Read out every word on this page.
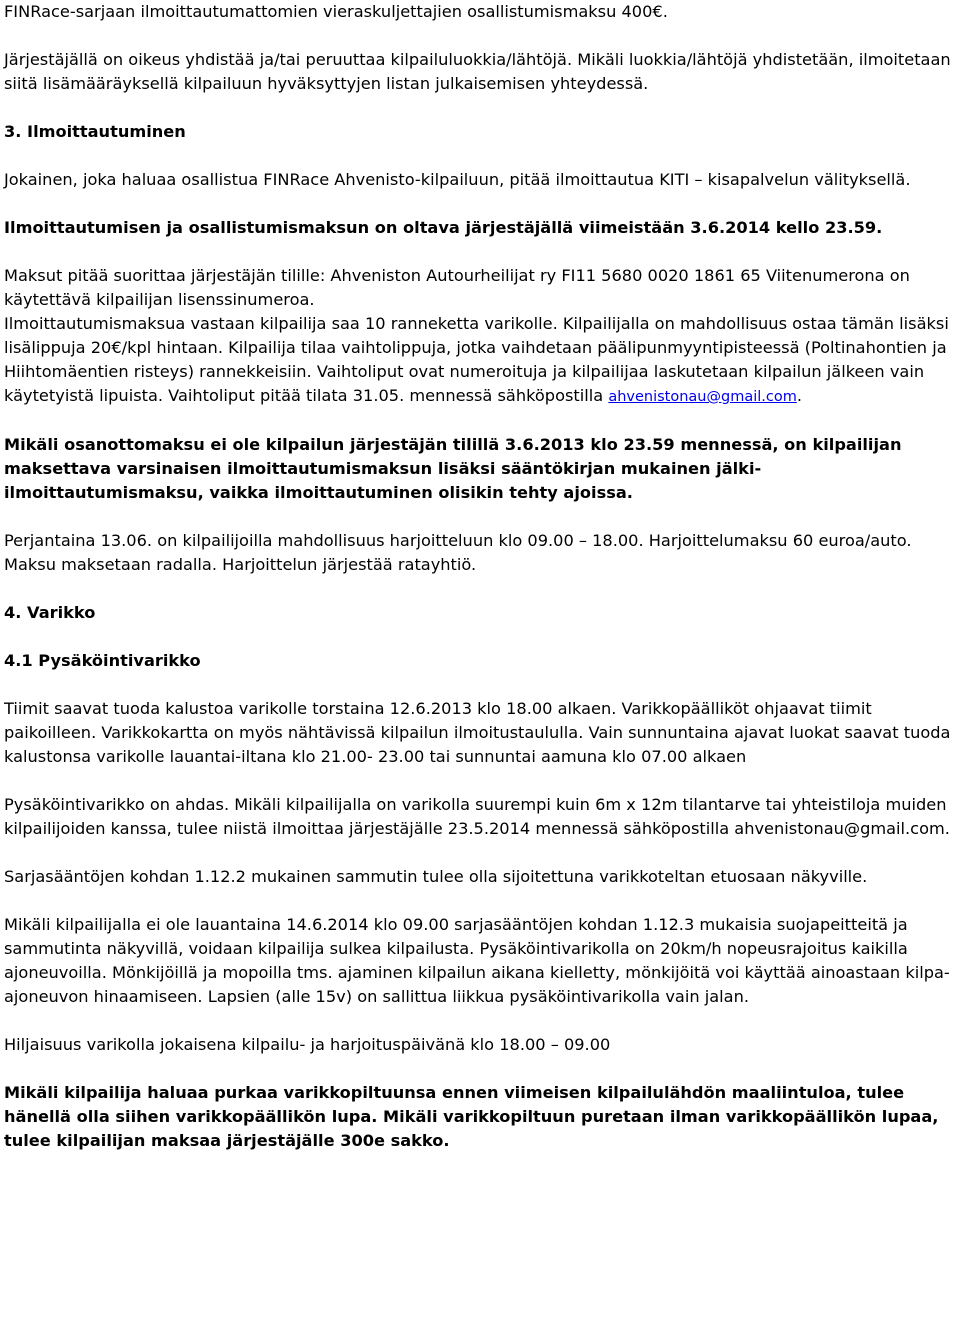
FINRace-sarjaan ilmoittautumattomien vieraskuljettajien osallistumismaksu 400€.

Järjestäjällä on oikeus yhdistää ja/tai peruuttaa kilpailuluokkia/lähtöjä. Mikäli luokkia/lähtöjä yhdistetään, ilmoitetaan siitä lisämääräyksellä kilpailuun hyväksyttyjen listan julkaisemisen yhteydessä.

3. Ilmoittautuminen

Jokainen, joka haluaa osallistua FINRace Ahvenisto-kilpailuun, pitää ilmoittautua KITI – kisapalvelun välityksellä.

Ilmoittautumisen ja osallistumismaksun on oltava järjestäjällä viimeistään 3.6.2014 kello 23.59.

Maksut pitää suorittaa järjestäjän tilille: Ahveniston Autourheilijat ry FI11 5680 0020 1861 65 Viitenumerona on käytettävä kilpailijan lisenssinumeroa.

Ilmoittautumismaksua vastaan kilpailija saa 10 ranneketta varikolle. Kilpailijalla on mahdollisuus ostaa tämän lisäksi lisälippuja 20€/kpl hintaan. Kilpailija tilaa vaihtolippuja, jotka vaihdetaan päälipunmyyntipisteessä (Poltinahontien ja Hiihtomäentien risteys) rannekkeisiin. Vaihtoliput ovat numeroituja ja kilpailijaa laskutetaan kilpailun jälkeen vain käytetyistä lipuista. Vaihtoliput pitää tilata 31.05. mennessä sähköpostilla ahvenistonau@gmail.com.

Mikäli osanottomaksu ei ole kilpailun järjestäjän tilillä 3.6.2013 klo 23.59 mennessä, on kilpailijan maksettava varsinaisen ilmoittautumismaksun lisäksi sääntökirjan mukainen jälki-ilmoittautumismaksu, vaikka ilmoittautuminen olisikin tehty ajoissa.

Perjantaina 13.06. on kilpailijoilla mahdollisuus harjoitteluun klo 09.00 – 18.00. Harjoittelumaksu 60 euroa/auto. Maksu maksetaan radalla. Harjoittelun järjestää ratayhtiö.

4. Varikko

4.1 Pysäköintivarikko

Tiimit saavat tuoda kalustoa varikolle torstaina 12.6.2013 klo 18.00 alkaen. Varikkopäälliköt ohjaavat tiimit paikoilleen. Varikkokartta on myös nähtävissä kilpailun ilmoitustaululla. Vain sunnuntaina ajavat luokat saavat tuoda kalustonsa varikolle lauantai-iltana klo 21.00- 23.00 tai sunnuntai aamuna klo 07.00 alkaen

Pysäköintivarikko on ahdas. Mikäli kilpailijalla on varikolla suurempi kuin 6m x 12m tilantarve tai yhteistiloja muiden kilpailijoiden kanssa, tulee niistä ilmoittaa järjestäjälle 23.5.2014 mennessä sähköpostilla ahvenistonau@gmail.com.

Sarjasääntöjen kohdan 1.12.2 mukainen sammutin tulee olla sijoitettuna varikkoteltan etuosaan näkyville.

Mikäli kilpailijalla ei ole lauantaina 14.6.2014 klo 09.00 sarjasääntöjen kohdan 1.12.3 mukaisia suojapeitteitä ja sammutinta näkyvillä, voidaan kilpailija sulkea kilpailusta. Pysäköintivarikolla on 20km/h nopeusrajoitus kaikilla ajoneuvoilla. Mönkijöillä ja mopoilla tms. ajaminen kilpailun aikana kielletty, mönkijöitä voi käyttää ainoastaan kilpa-ajoneuvon hinaamiseen. Lapsien (alle 15v) on sallittua liikkua pysäköintivarikolla vain jalan.

Hiljaisuus varikolla jokaisena kilpailu- ja harjoituspäivänä klo 18.00 – 09.00

Mikäli kilpailija haluaa purkaa varikkopiltuunsa ennen viimeisen kilpailulähdön maaliintuloa, tulee hänellä olla siihen varikkopäällikön lupa. Mikäli varikkopiltuun puretaan ilman varikkopäällikön lupaa, tulee kilpailijan maksaa järjestäjälle 300e sakko.
